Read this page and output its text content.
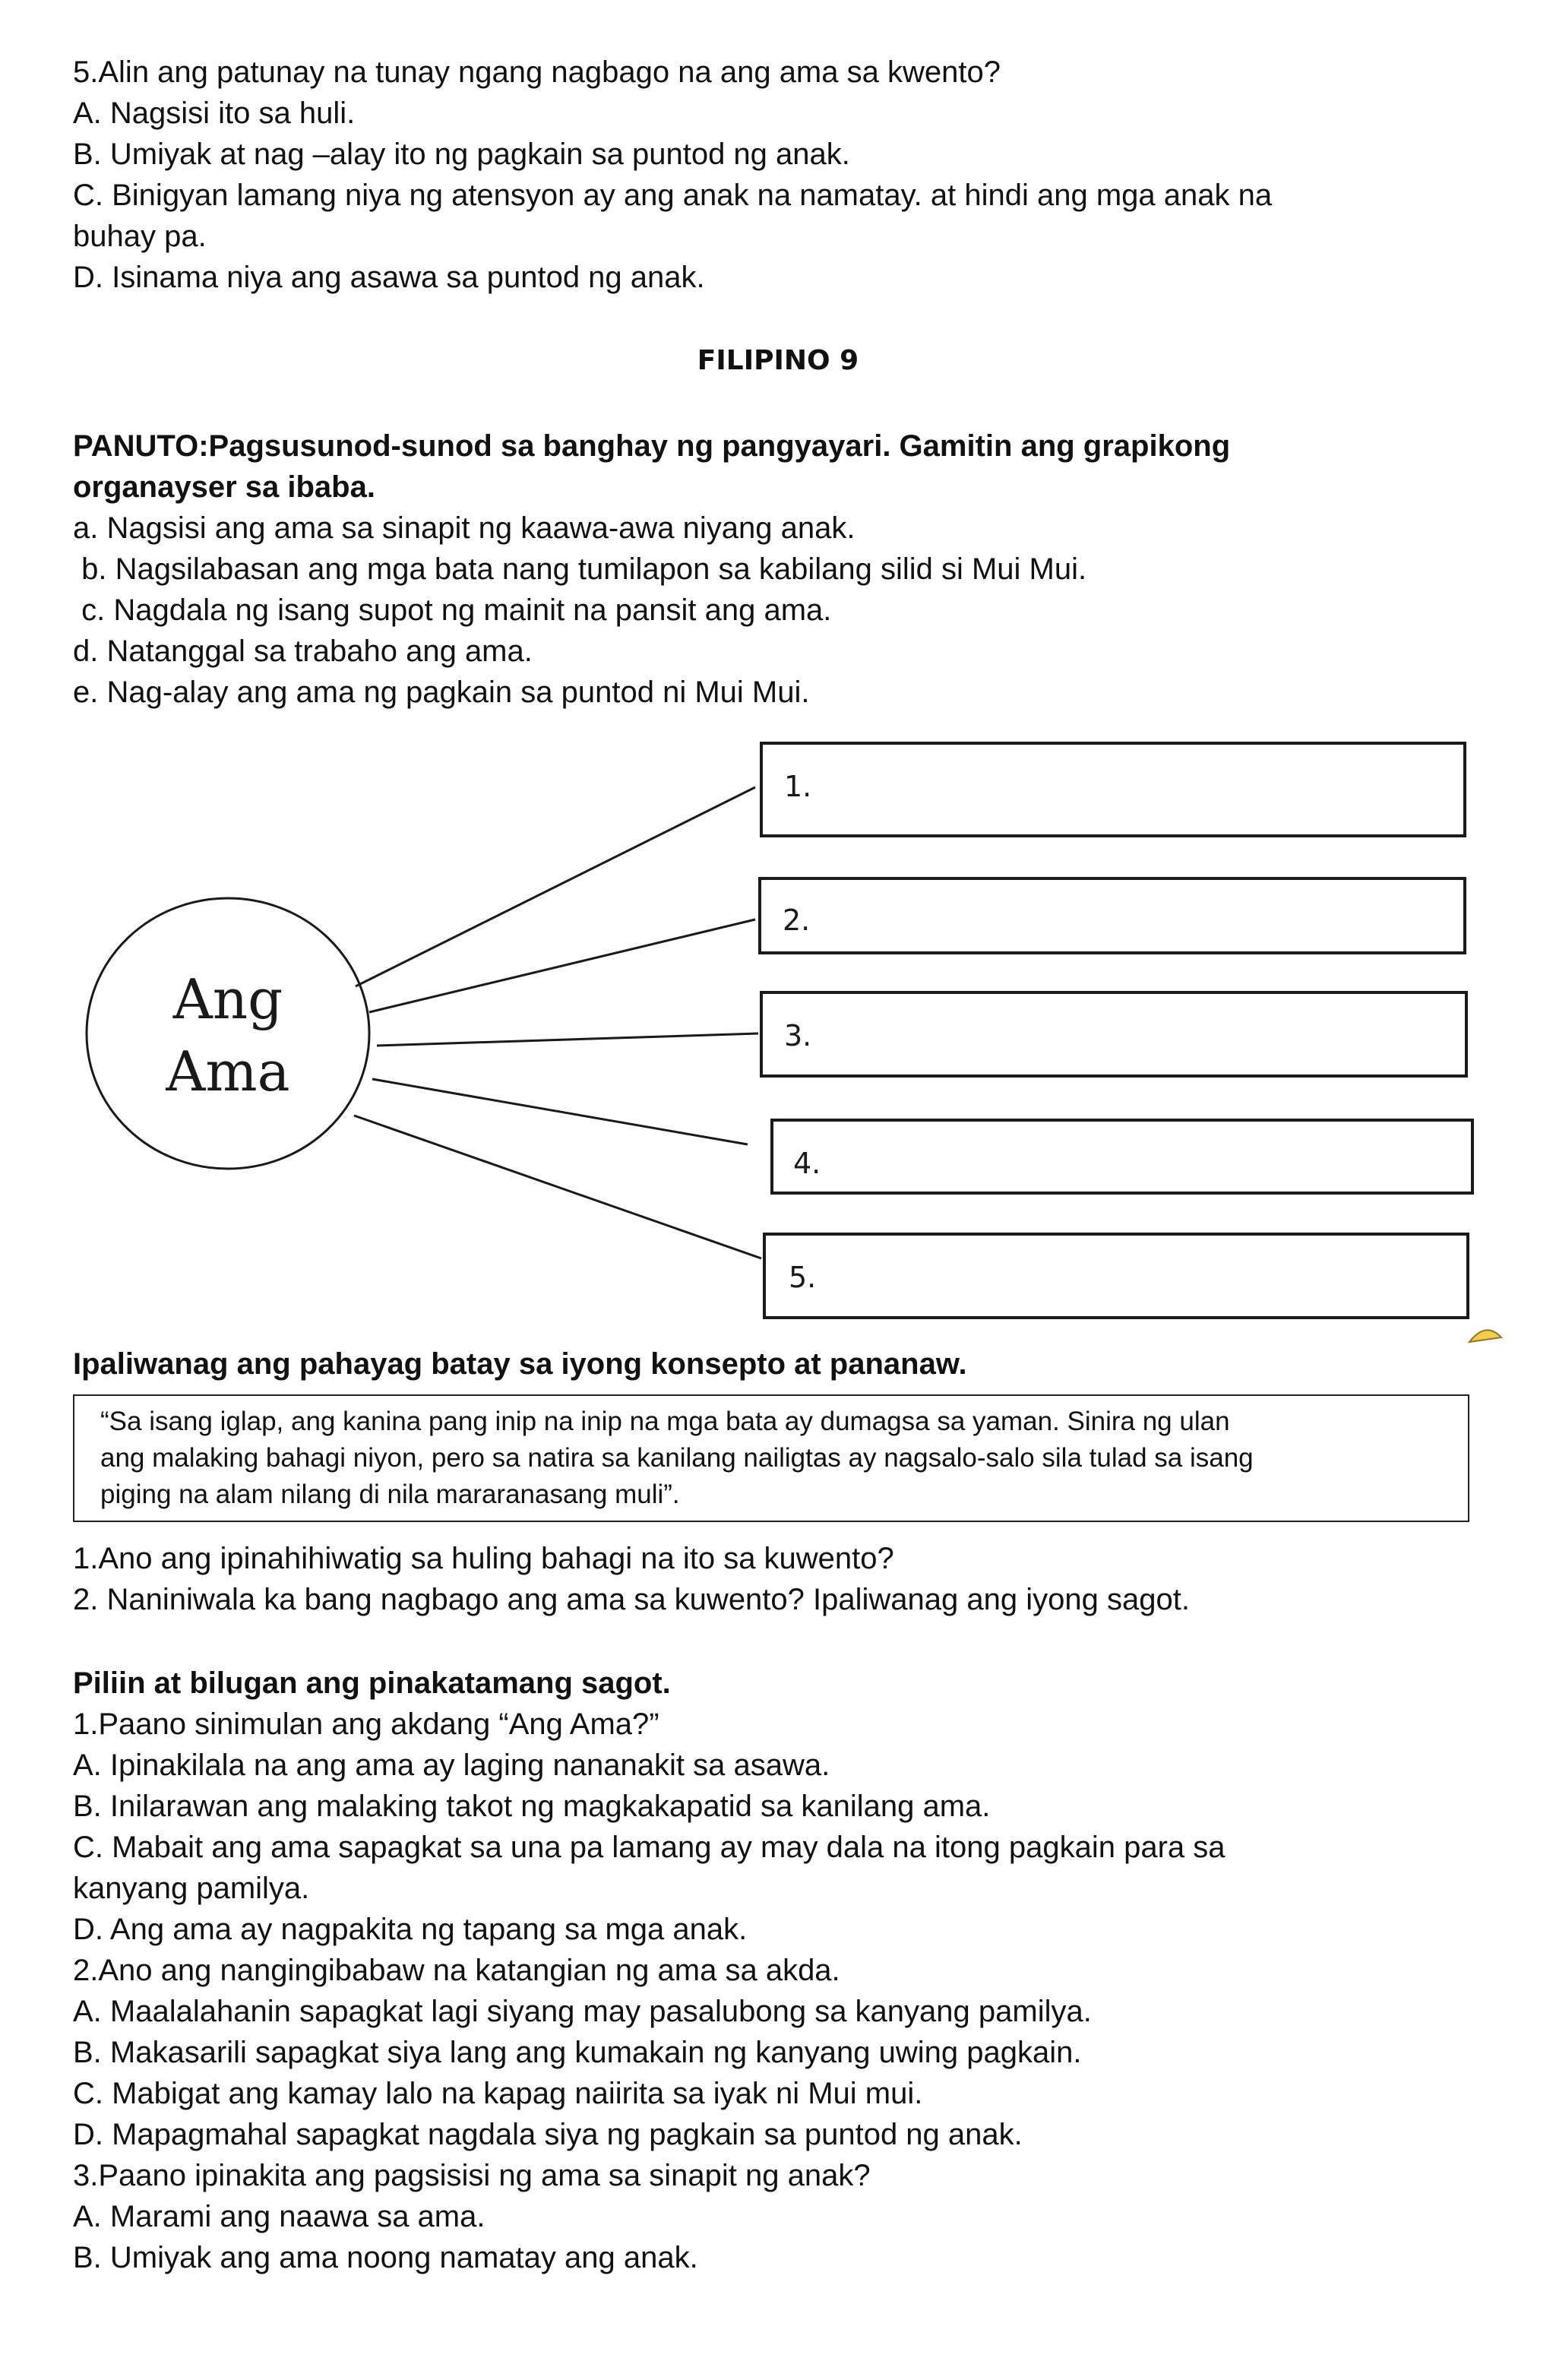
5.Alin ang patunay na tunay ngang nagbago na ang ama sa kwento?
A. Nagsisi ito sa huli.
B. Umiyak at nag –alay ito ng pagkain sa puntod ng anak.
C. Binigyan lamang niya ng atensyon ay ang anak na namatay. at hindi ang mga anak na
buhay pa.
D. Isinama niya ang asawa sa puntod ng anak.
FILIPINO 9
PANUTO:Pagsusunod-sunod sa banghay ng pangyayari. Gamitin ang grapikong
organayser sa ibaba.
a. Nagsisi ang ama sa sinapit ng kaawa-awa niyang anak.
b. Nagsilabasan ang mga bata nang tumilapon sa kabilang silid si Mui Mui.
c. Nagdala ng isang supot ng mainit na pansit ang ama.
d. Natanggal sa trabaho ang ama.
e. Nag-alay ang ama ng pagkain sa puntod ni Mui Mui.
Ang
Ama
1.
2.
3.
4.
5.
Ipaliwanag ang pahayag batay sa iyong konsepto at pananaw.
“Sa isang iglap, ang kanina pang inip na inip na mga bata ay dumagsa sa yaman. Sinira ng ulan
ang malaking bahagi niyon, pero sa natira sa kanilang nailigtas ay nagsalo-salo sila tulad sa isang
piging na alam nilang di nila mararanasang muli”.
1.Ano ang ipinahihiwatig sa huling bahagi na ito sa kuwento?
2. Naniniwala ka bang nagbago ang ama sa kuwento? Ipaliwanag ang iyong sagot.
Piliin at bilugan ang pinakatamang sagot.
1.Paano sinimulan ang akdang “Ang Ama?”
A. Ipinakilala na ang ama ay laging nananakit sa asawa.
B. Inilarawan ang malaking takot ng magkakapatid sa kanilang ama.
C. Mabait ang ama sapagkat sa una pa lamang ay may dala na itong pagkain para sa
kanyang pamilya.
D. Ang ama ay nagpakita ng tapang sa mga anak.
2.Ano ang nangingibabaw na katangian ng ama sa akda.
A. Maalalahanin sapagkat lagi siyang may pasalubong sa kanyang pamilya.
B. Makasarili sapagkat siya lang ang kumakain ng kanyang uwing pagkain.
C. Mabigat ang kamay lalo na kapag naiirita sa iyak ni Mui mui.
D. Mapagmahal sapagkat nagdala siya ng pagkain sa puntod ng anak.
3.Paano ipinakita ang pagsisisi ng ama sa sinapit ng anak?
A. Marami ang naawa sa ama.
B. Umiyak ang ama noong namatay ang anak.
